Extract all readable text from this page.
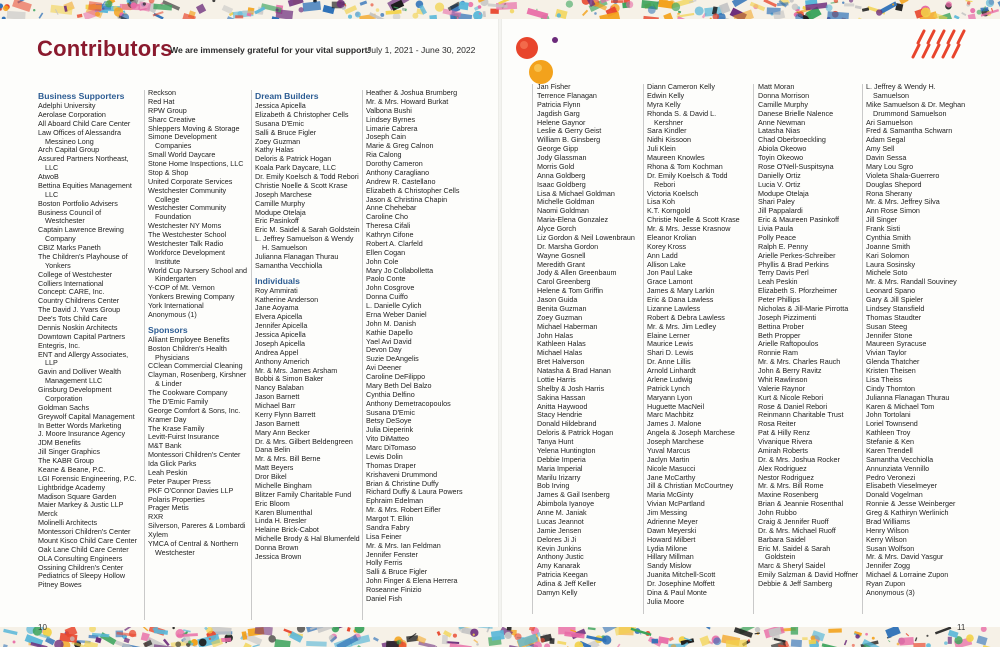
Contributors
We are immensely grateful for your vital support!
July 1, 2021 - June 30, 2022
Business Supporters
Adelphi University
Aerolase Corporation
All Aboard Child Care Center
Law Offices of Alessandra Messineo Long
Arch Capital Group
Assured Partners Northeast, LLC
AtwoB
Bettina Equities Management LLC
Boston Portfolio Advisers
Business Council of Westchester
Captain Lawrence Brewing Company
CBIZ Marks Paneth
The Children's Playhouse of Yonkers
College of Westchester
Colliers International
Concept: CARE, Inc.
Country Childrens Center
The David J. Yvars Group
Dee's Tots Child Care
Dennis Noskin Architects
Downtown Capital Partners
Entegris, Inc.
ENT and Allergy Associates, LLP
Gavin and Dolliver Wealth Management LLC
Ginsburg Development Corporation
Goldman Sachs
Greywolf Capital Management
In Better Words Marketing
J. Moore Insurance Agency
JDM Benefits
Jill Singer Graphics
The KABR Group
Keane & Beane, P.C.
LGI Forensic Engineering, P.C.
Lightbridge Academy
Madison Square Garden
Maier Markey & Justic LLP
Merck
Molinelli Architects
Montessori Children's Center
Mount Kisco Child Care Center
Oak Lane Child Care Center
OLA Consulting Engineers
Ossining Children's Center
Pediatrics of Sleepy Hollow
Pitney Bowes
Reckson
Red Hat
RPW Group
Sharc Creative
Shleppers Moving & Storage
Simone Development Companies
Small World Daycare
Stone Home Inspections, LLC
Stop & Shop
United Corporate Services
Westchester Community College
Westchester Community Foundation
Westchester NY Moms
The Westchester School
Westchester Talk Radio
Workforce Development Institute
World Cup Nursery School and Kindergarten
Y-COP of Mt. Vernon
Yonkers Brewing Company
York International
Anonymous (1)
Sponsors
Alliant Employee Benefits
Boston Children's Health Physicians
CClean Commercial Cleaning
Clayman, Rosenberg, Kirshner & Linder
The Cookware Company
The D'Emic Family
George Comfort & Sons, Inc.
Kramer Day
The Krase Family
Levitt-Fuirst Insurance
M&T Bank
Montessori Children's Center
Ida Glick Parks
Leah Peskin
Peter Pauper Press
PKF O'Connor Davies LLP
Polaris Properties
Prager Metis
RXR
Silverson, Pareres & Lombardi
Xylem
YMCA of Central & Northern Westchester
Dream Builders
Jessica Apicella
Elizabeth & Christopher Cells
Susana D'Emic
Salli & Bruce Figler
Zoey Guzman
Kathy Halas
Deloris & Patrick Hogan
Koala Park Daycare, LLC
Dr. Emily Koelsch & Todd Rebori
Christie Noelle & Scott Krase
Joseph Marchese
Camille Murphy
Modupe Otelaja
Eric Pasinkoff
Eric M. Saidel & Sarah Goldstein
L. Jeffrey Samuelson & Wendy H. Samuelson
Julianna Flanagan Thurau
Samantha Vecchiolla
Individuals
Roy Ammirati
Katherine Anderson
Jane Aoyama
Elvera Apicella
Jennifer Apicella
Jessica Apicella
Joseph Apicella
Andrea Appel
Anthony Americh
Mr. & Mrs. James Arsham
Bobbi & Simon Baker
Nancy Balaban
Jason Barnett
Michael Barr
Kerry Flynn Barrett
Jason Barnett
Mary Ann Becker
Dr. & Mrs. Gilbert Beldengreen
Dana Belin
Mr. & Mrs. Bill Berne
Matt Beyers
Dror Bikel
Michelle Bingham
Blitzer Family Charitable Fund
Eric Bloom
Karen Blumenthal
Linda H. Bresler
Helaine Brick-Cabot
Michelle Brody & Hal Blumenfeld
Donna Brown
Jessica Brown
Heather & Joshua Brumberg
Mr. & Mrs. Howard Burkat
Valbona Bushi
Lindsey Byrnes
Limarie Cabrera
Joseph Cain
Marie & Greg Calnon
Ria Calong
Dorothy Cameron
Anthony Caragliano
Andrew R. Castellano
Elizabeth & Christopher Cells
Jason & Christina Chapin
Anne Chehebar
Caroline Cho
Theresa Cifali
Kathryn Cifone
Robert A. Clarfeld
Ellen Cogan
John Cole
Mary Jo Collabolletta
Paolo Conte
John Cosgrove
Donna Cuiffo
L. Danielle Cylich
Erna Weber Daniel
John M. Danish
Kathie Dapello
Yael Avi David
Devon Day
Suzie DeAngelis
Avi Deener
Caroline DeFilippo
Mary Beth Del Balzo
Cynthia Delfino
Anthony Demetracopoulos
Susana D'Emic
Betsy DeSoye
Julia Dieperink
Vito DiMatteo
Marc DiTomaso
Lewis Dolin
Thomas Draper
Krishaveni Drummond
Brian & Christine Duffy
Richard Duffy & Laura Powers
Ephraim Edelman
Mr. & Mrs. Robert Eifler
Margot T. Elkin
Sandra Fabry
Lisa Feiner
Mr. & Mrs. Ian Feldman
Jennifer Fenster
Holly Ferris
Salli & Bruce Figler
John Finger & Elena Herrera
Roseanne Finizio
Daniel Fish
Jan Fisher
Terrence Flanagan
Patricia Flynn
Jagdish Garg
Helene Gaynor
Leslie & Gerry Geist
William B. Ginsberg
George Gipp
Jody Glassman
Morris Gold
Anna Goldberg
Isaac Goldberg
Lisa & Michael Goldman
Michelle Goldman
Naomi Goldman
Maria-Elena Gonzalez
Alyce Gorch
Liz Gordon & Neil Lowenbraun
Dr. Marsha Gordon
Wayne Gosnell
Meredith Grant
Jody & Allen Greenbaum
Carol Greenberg
Helene & Tom Griffin
Jason Guida
Benita Guzman
Zoey Guzman
Michael Haberman
John Halas
Kathleen Halas
Michael Halas
Bret Halverson
Natasha & Brad Hanan
Lottie Harris
Shelby & Josh Harris
Sakina Hassan
Anitta Haywood
Stacy Hendrie
Donald Hildebrand
Deloris & Patrick Hogan
Tanya Hunt
Yelena Huntington
Debbie Imperia
Maria Imperial
Marilu Irizarry
Bob Irving
James & Gail Isenberg
Abimbola Iyanoye
Anne M. Janiak
Lucas Jeannot
Jamie Jensen
Delores Ji Ji
Kevin Junkins
Anthony Justic
Amy Kanarak
Patricia Keegan
Adina & Jeff Keller
Damyn Kelly
Diann Cameron Kelly
Edwin Kelly
Myra Kelly
Rhonda S. & David L. Kershner
Sara Kindler
Nidhi Kissoon
Juli Klein
Maureen Knowles
Rhona & Tom Kochman
Dr. Emily Koelsch & Todd Rebori
Victoria Koelsch
Lisa Koh
K.T. Korngold
Christie Noelle & Scott Krase
Mr. & Mrs. Jesse Krasnow
Eleanor Krolian
Korey Kross
Ann Ladd
Allison Lake
Jon Paul Lake
Grace Lamont
James & Mary Larkin
Eric & Dana Lawless
Lizanne Lawless
Robert & Debra Lawless
Mr. & Mrs. Jim Ledley
Elaine Lerner
Maurice Lewis
Shari D. Lewis
Dr. Anne Lillis
Arnold Linhardt
Arlene Ludwig
Patrick Lynch
Maryann Lyon
Huguette MacNeil
Marc Machbitz
James J. Malone
Angela & Joseph Marchese
Joseph Marchese
Yuval Marcus
Jaclyn Martin
Nicole Masucci
Jane McCarthy
Jill & Christian McCourtney
Maria McGinty
Vivian McPartland
Jim Messing
Adrienne Meyer
Dawn Meyerski
Howard Milbert
Lydia Milone
Hillary Millman
Sandy Mislow
Juanita Mitchell-Scott
Dr. Josephine Moffett
Dina & Paul Monte
Julia Moore
Matt Moran
Donna Morrison
Camille Murphy
Danese Brielle Nalence
Anne Newman
Latasha Nias
Chad Oberbroeckling
Abiola Okeowo
Toyin Okeowo
Rose O'Nell-Suspitsyna
Danielly Ortiz
Lucia V. Ortiz
Modupe Otelaja
Shari Paley
Jill Pappalardi
Eric & Maureen Pasinkoff
Livia Paula
Polly Peace
Ralph E. Penny
Arielle Perkes-Schreiber
Phyllis & Brad Perkins
Terry Davis Perl
Leah Peskin
Elizabeth S. Pforzheimer
Peter Phillips
Nicholas & Jill-Marie Pirrotta
Joseph Pizzimenti
Bettina Prober
Beth Propper
Arielle Raftopoulos
Ronnie Ram
Mr. & Mrs. Charles Rauch
John & Berry Ravitz
Whit Rawlinson
Valerie Raynor
Kurt & Nicole Rebori
Rose & Daniel Rebori
Reinmann Charitable Trust
Rosa Reiter
Pat & Hilly Renz
Vivanique Rivera
Amirah Roberts
Dr. & Mrs. Joshua Rocker
Alex Rodriguez
Nestor Rodriguez
Mr. & Mrs. Bill Rome
Maxine Rosenberg
Brian & Jeannie Rosenthal
John Rubbo
Craig & Jennifer Ruoff
Dr. & Mrs. Michael Ruoff
Barbara Saidel
Eric M. Saidel & Sarah Goldstein
Marc & Sheryl Saidel
Emily Salzman & David Hoffner
Debbie & Jeff Samberg
L. Jeffrey & Wendy H. Samuelson
Mike Samuelson & Dr. Meghan Drummond Samuelson
Ari Samuelson
Fred & Samantha Schwarn
Adam Segal
Amy Sell
Davin Sessa
Mary Lou Sgro
Violeta Shala-Guerrero
Douglas Shepord
Rona Sherany
Mr. & Mrs. Jeffrey Silva
Ann Rose Simon
Jill Singer
Frank Sisti
Cynthia Smith
Joanne Smith
Kari Solomon
Laura Sosinsky
Michele Soto
Mr. & Mrs. Randall Souviney
Leonard Spano
Gary & Jill Spieler
Lindsey Stansfield
Thomas Staudter
Susan Steeg
Jennifer Stone
Maureen Syracuse
Vivian Taylor
Glenda Thatcher
Kristen Theisen
Lisa Theiss
Cindy Thornton
Julianna Flanagan Thurau
Karen & Michael Tom
John Tortolani
Loriel Townsend
Kathleen Troy
Stefanie & Ken
Karen Trendell
Samantha Vecchiolla
Annunziata Vennillo
Pedro Veronezi
Elisabeth Vieselmeyer
Donald Vogelman
Ronnie & Jesse Weinberger
Greg & Kathiryn Werlinich
Brad Williams
Henry Wilson
Kerry Wilson
Susan Wolfson
Mr. & Mrs. David Yasgur
Jennifer Zogg
Michael & Lorraine Zupon
Ryan Zupon
Anonymous (3)
10	11
